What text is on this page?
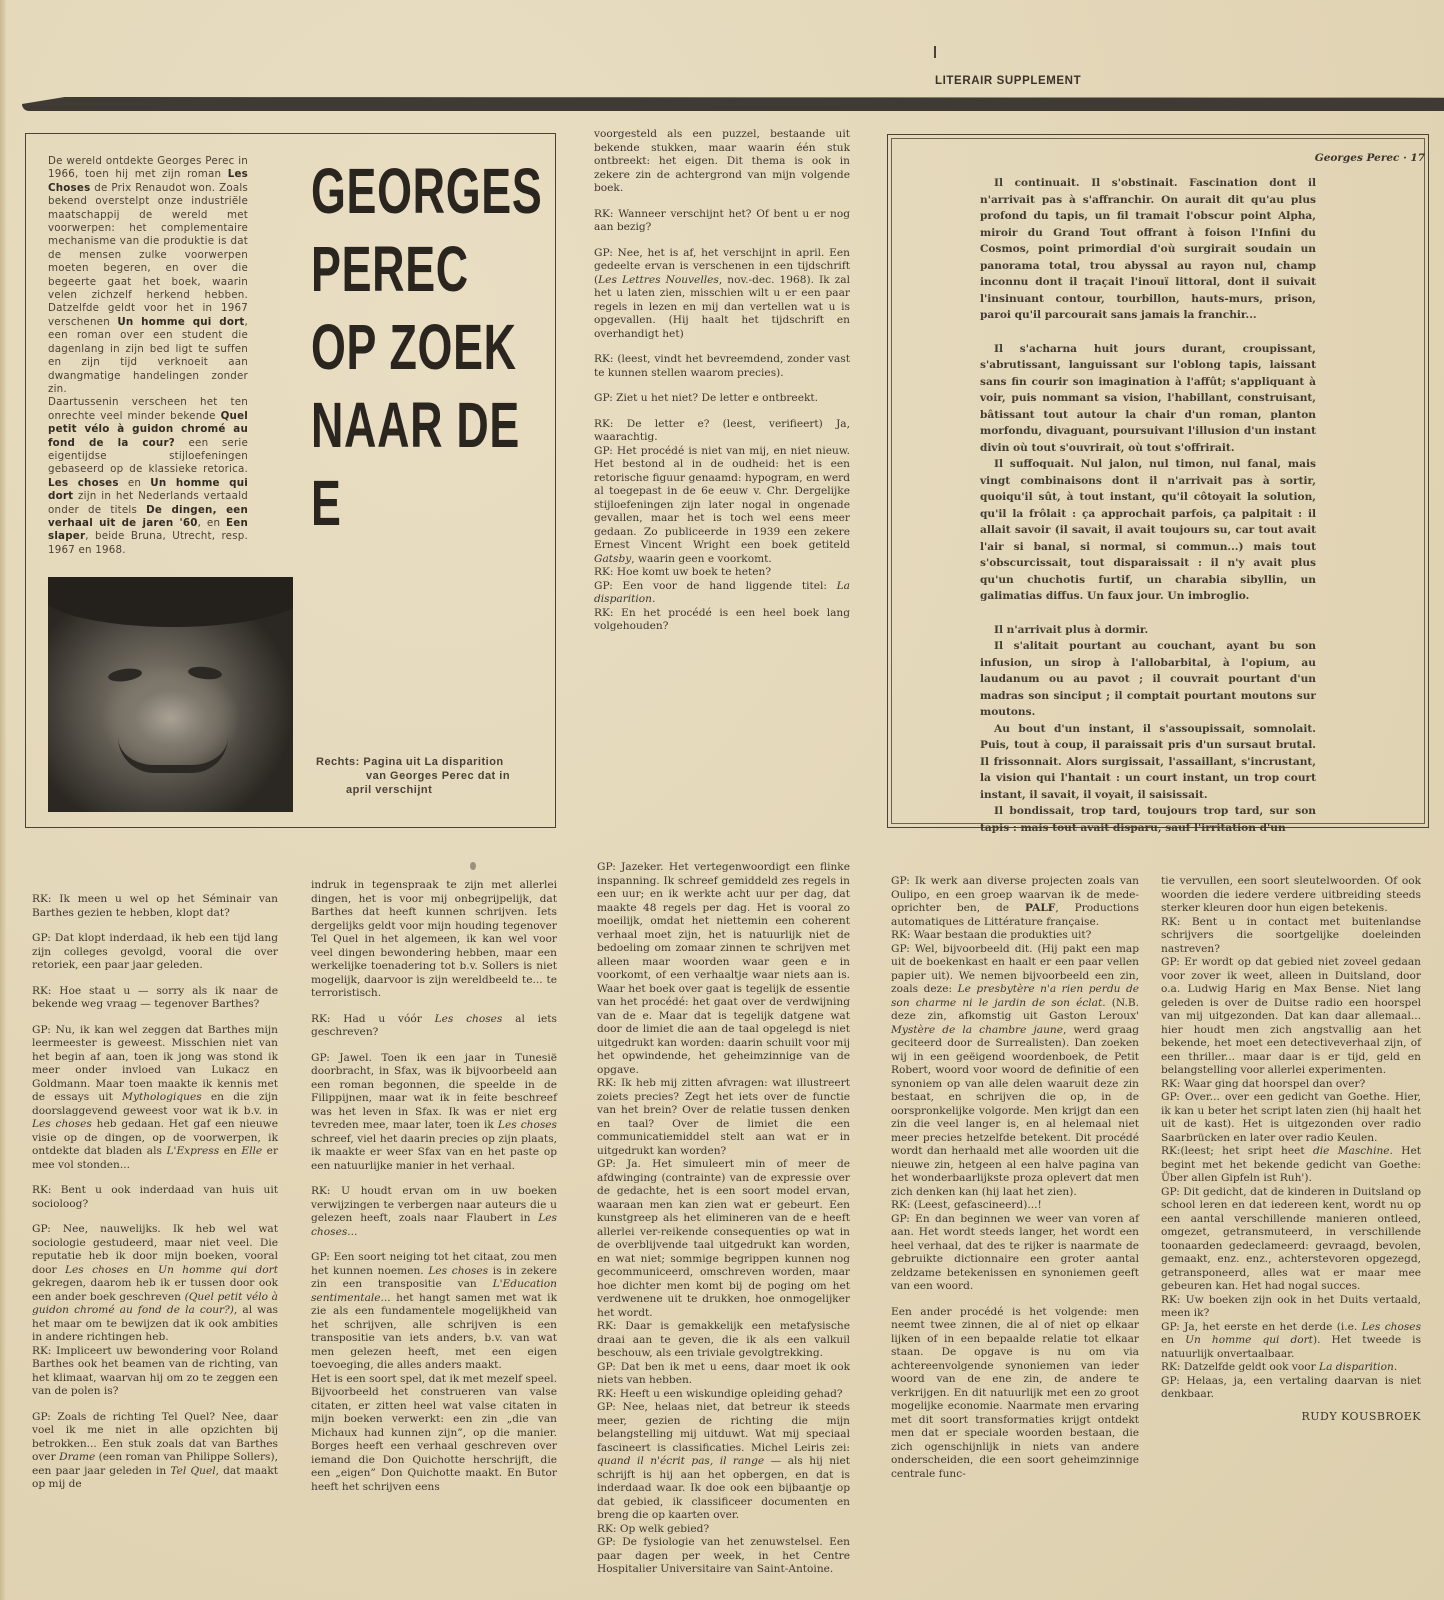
LITERAIR SUPPLEMENT

De wereld ontdekte Georges Perec in 1966, toen hij met zijn roman Les Choses de Prix Renaudot won. Zoals bekend overstelpt onze industriële maatschappij de wereld met voorwerpen: het complementaire mechanisme van die produktie is dat de mensen zulke voorwerpen moeten begeren, en over die begeerte gaat het boek, waarin velen zichzelf herkend hebben. Datzelfde geldt voor het in 1967 verschenen Un homme qui dort, een roman over een student die dagenlang in zijn bed ligt te suffen en zijn tijd verknoeit aan dwangmatige handelingen zonder zin.

Daartussenin verscheen het ten onrechte veel minder bekende Quel petit vélo à guidon chromé au fond de la cour? een serie eigentijdse stijloefeningen gebaseerd op de klassieke retorica. Les choses en Un homme qui dort zijn in het Nederlands vertaald onder de titels De dingen, een verhaal uit de jaren '60, en Een slaper, beide Bruna, Utrecht, resp. 1967 en 1968.

GEORGES
PEREC
OP ZOEK
NAAR DE
E
Rechts: Pagina uit La disparition
van Georges Perec dat in
april verschijnt

voorgesteld als een puzzel, bestaande uit bekende stukken, maar waarin één stuk ontbreekt: het eigen. Dit thema is ook in zekere zin de achtergrond van mijn volgende boek.

RK: Wanneer verschijnt het? Of bent u er nog aan bezig?

GP: Nee, het is af, het verschijnt in april. Een gedeelte ervan is verschenen in een tijdschrift (Les Lettres Nouvelles, nov.-dec. 1968). Ik zal het u laten zien, misschien wilt u er een paar regels in lezen en mij dan vertellen wat u is opgevallen. (Hij haalt het tijdschrift en overhandigt het)

RK: (leest, vindt het bevreemdend, zonder vast te kunnen stellen waarom precies).

GP: Ziet u het niet? De letter e ontbreekt.

RK: De letter e? (leest, verifieert) Ja, waarachtig.

GP: Het procédé is niet van mij, en niet nieuw. Het bestond al in de oudheid: het is een retorische figuur genaamd: hypogram, en werd al toegepast in de 6e eeuw v. Chr. Dergelijke stijloefeningen zijn later nogal in ongenade gevallen, maar het is toch wel eens meer gedaan. Zo publiceerde in 1939 een zekere Ernest Vincent Wright een boek getiteld Gatsby, waarin geen e voorkomt.

RK: Hoe komt uw boek te heten?

GP: Een voor de hand liggende titel: La disparition.

RK: En het procédé is een heel boek lang volgehouden?

Georges Perec · 17

Il continuait. Il s'obstinait. Fascination dont il n'arrivait pas à s'affranchir. On aurait dit qu'au plus profond du tapis, un fil tramait l'obscur point Alpha, miroir du Grand Tout offrant à foison l'Infini du Cosmos, point primordial d'où surgirait soudain un panorama total, trou abyssal au rayon nul, champ inconnu dont il traçait l'inouï littoral, dont il suivait l'insinuant contour, tourbillon, hauts-murs, prison, paroi qu'il parcourait sans jamais la franchir...

Il s'acharna huit jours durant, croupissant, s'abrutissant, languissant sur l'oblong tapis, laissant sans fin courir son imagination à l'affût; s'appliquant à voir, puis nommant sa vision, l'habillant, construisant, bâtissant tout autour la chair d'un roman, planton morfondu, divaguant, poursuivant l'illusion d'un instant divin où tout s'ouvrirait, où tout s'offrirait.

Il suffoquait. Nul jalon, nul timon, nul fanal, mais vingt combinaisons dont il n'arrivait pas à sortir, quoiqu'il sût, à tout instant, qu'il côtoyait la solution, qu'il la frôlait : ça approchait parfois, ça palpitait : il allait savoir (il savait, il avait toujours su, car tout avait l'air si banal, si normal, si commun...) mais tout s'obscurcissait, tout disparaissait : il n'y avait plus qu'un chuchotis furtif, un charabia sibyllin, un galimatias diffus. Un faux jour. Un imbroglio.

Il n'arrivait plus à dormir.

Il s'alitait pourtant au couchant, ayant bu son infusion, un sirop à l'allobarbital, à l'opium, au laudanum ou au pavot ; il couvrait pourtant d'un madras son sinciput ; il comptait pourtant moutons sur moutons.

Au bout d'un instant, il s'assoupissait, somnolait. Puis, tout à coup, il paraissait pris d'un sursaut brutal. Il frissonnait. Alors surgissait, l'assaillant, s'incrustant, la vision qui l'hantait : un court instant, un trop court instant, il savait, il voyait, il saisissait.

Il bondissait, trop tard, toujours trop tard, sur son tapis : mais tout avait disparu, sauf l'irritation d'un

RK: Ik meen u wel op het Séminair van Barthes gezien te hebben, klopt dat?

GP: Dat klopt inderdaad, ik heb een tijd lang zijn colleges gevolgd, vooral die over retoriek, een paar jaar geleden.

RK: Hoe staat u — sorry als ik naar de bekende weg vraag — tegenover Barthes?

GP: Nu, ik kan wel zeggen dat Barthes mijn leermeester is geweest. Misschien niet van het begin af aan, toen ik jong was stond ik meer onder invloed van Lukacz en Goldmann. Maar toen maakte ik kennis met de essays uit Mythologiques en die zijn doorslaggevend geweest voor wat ik b.v. in Les choses heb gedaan. Het gaf een nieuwe visie op de dingen, op de voorwerpen, ik ontdekte dat bladen als L'Express en Elle er mee vol stonden...

RK: Bent u ook inderdaad van huis uit socioloog?

GP: Nee, nauwelijks. Ik heb wel wat sociologie gestudeerd, maar niet veel. Die reputatie heb ik door mijn boeken, vooral door Les choses en Un homme qui dort gekregen, daarom heb ik er tussen door ook een ander boek geschreven (Quel petit vélo à guidon chromé au fond de la cour?), al was het maar om te bewijzen dat ik ook ambities in andere richtingen heb.

RK: Impliceert uw bewondering voor Roland Barthes ook het beamen van de richting, van het klimaat, waarvan hij om zo te zeggen een van de polen is?

GP: Zoals de richting Tel Quel? Nee, daar voel ik me niet in alle opzichten bij betrokken... Een stuk zoals dat van Barthes over Drame (een roman van Philippe Sollers), een paar jaar geleden in Tel Quel, dat maakt op mij de

indruk in tegenspraak te zijn met allerlei dingen, het is voor mij onbegrijpelijk, dat Barthes dat heeft kunnen schrijven. Iets dergelijks geldt voor mijn houding tegenover Tel Quel in het algemeen, ik kan wel voor veel dingen bewondering hebben, maar een werkelijke toenadering tot b.v. Sollers is niet mogelijk, daarvoor is zijn wereldbeeld te... te terroristisch.

RK: Had u vóór Les choses al iets geschreven?

GP: Jawel. Toen ik een jaar in Tunesië doorbracht, in Sfax, was ik bijvoorbeeld aan een roman begonnen, die speelde in de Filippijnen, maar wat ik in feite beschreef was het leven in Sfax. Ik was er niet erg tevreden mee, maar later, toen ik Les choses schreef, viel het daarin precies op zijn plaats, ik maakte er weer Sfax van en het paste op een natuurlijke manier in het verhaal.

RK: U houdt ervan om in uw boeken verwijzingen te verbergen naar auteurs die u gelezen heeft, zoals naar Flaubert in Les choses...

GP: Een soort neiging tot het citaat, zou men het kunnen noemen. Les choses is in zekere zin een transpositie van L'Education sentimentale... het hangt samen met wat ik zie als een fundamentele mogelijkheid van het schrijven, alle schrijven is een transpositie van iets anders, b.v. van wat men gelezen heeft, met een eigen toevoeging, die alles anders maakt.

Het is een soort spel, dat ik met mezelf speel. Bijvoorbeeld het construeren van valse citaten, er zitten heel wat valse citaten in mijn boeken verwerkt: een zin „die van Michaux had kunnen zijn”, op die manier. Borges heeft een verhaal geschreven over iemand die Don Quichotte herschrijft, die een „eigen” Don Quichotte maakt. En Butor heeft het schrijven eens

GP: Jazeker. Het vertegenwoordigt een flinke inspanning. Ik schreef gemiddeld zes regels in een uur; en ik werkte acht uur per dag, dat maakte 48 regels per dag. Het is vooral zo moeilijk, omdat het niettemin een coherent verhaal moet zijn, het is natuurlijk niet de bedoeling om zomaar zinnen te schrijven met alleen maar woorden waar geen e in voorkomt, of een verhaaltje waar niets aan is. Waar het boek over gaat is tegelijk de essentie van het procédé: het gaat over de verdwijning van de e. Maar dat is tegelijk datgene wat door de limiet die aan de taal opgelegd is niet uitgedrukt kan worden: daarin schuilt voor mij het opwindende, het geheimzinnige van de opgave.

RK: Ik heb mij zitten afvragen: wat illustreert zoiets precies? Zegt het iets over de functie van het brein? Over de relatie tussen denken en taal? Over de limiet die een communicatiemiddel stelt aan wat er in uitgedrukt kan worden?

GP: Ja. Het simuleert min of meer de afdwinging (contrainte) van de expressie over de gedachte, het is een soort model ervan, waaraan men kan zien wat er gebeurt. Een kunstgreep als het elimineren van de e heeft allerlei ver-reikende consequenties op wat in de overblijvende taal uitgedrukt kan worden, en wat niet; sommige begrippen kunnen nog gecommuniceerd, omschreven worden, maar hoe dichter men komt bij de poging om het verdwenene uit te drukken, hoe onmogelijker het wordt.

RK: Daar is gemakkelijk een metafysische draai aan te geven, die ik als een valkuil beschouw, als een triviale gevolgtrekking.

GP: Dat ben ik met u eens, daar moet ik ook niets van hebben.

RK: Heeft u een wiskundige opleiding gehad?

GP: Nee, helaas niet, dat betreur ik steeds meer, gezien de richting die mijn belangstelling mij uitduwt. Wat mij speciaal fascineert is classificaties. Michel Leiris zei: quand il n'écrit pas, il range — als hij niet schrijft is hij aan het opbergen, en dat is inderdaad waar. Ik doe ook een bijbaantje op dat gebied, ik classificeer documenten en breng die op kaarten over.

RK: Op welk gebied?

GP: De fysiologie van het zenuwstelsel. Een paar dagen per week, in het Centre Hospitalier Universitaire van Saint-Antoine.

GP: Ik werk aan diverse projecten zoals van Oulipo, en een groep waarvan ik de mede-oprichter ben, de PALF, Productions automatiques de Littérature française.

RK: Waar bestaan die produkties uit?

GP: Wel, bijvoorbeeld dit. (Hij pakt een map uit de boekenkast en haalt er een paar vellen papier uit). We nemen bijvoorbeeld een zin, zoals deze: Le presbytère n'a rien perdu de son charme ni le jardin de son éclat. (N.B. deze zin, afkomstig uit Gaston Leroux' Mystère de la chambre jaune, werd graag geciteerd door de Surrealisten). Dan zoeken wij in een geëigend woordenboek, de Petit Robert, woord voor woord de definitie of een synoniem op van alle delen waaruit deze zin bestaat, en schrijven die op, in de oorspronkelijke volgorde. Men krijgt dan een zin die veel langer is, en al helemaal niet meer precies hetzelfde betekent. Dit procédé wordt dan herhaald met alle woorden uit die nieuwe zin, hetgeen al een halve pagina van het wonderbaarlijkste proza oplevert dat men zich denken kan (hij laat het zien).

RK: (Leest, gefascineerd)...!

GP: En dan beginnen we weer van voren af aan. Het wordt steeds langer, het wordt een heel verhaal, dat des te rijker is naarmate de gebruikte dictionnaire een groter aantal zeldzame betekenissen en synoniemen geeft van een woord.

Een ander procédé is het volgende: men neemt twee zinnen, die al of niet op elkaar lijken of in een bepaalde relatie tot elkaar staan. De opgave is nu om via achtereenvolgende synoniemen van ieder woord van de ene zin, de andere te verkrijgen. En dit natuurlijk met een zo groot mogelijke economie. Naarmate men ervaring met dit soort transformaties krijgt ontdekt men dat er speciale woorden bestaan, die zich ogenschijnlijk in niets van andere onderscheiden, die een soort geheimzinnige centrale func-

tie vervullen, een soort sleutelwoorden. Of ook woorden die iedere verdere uitbreiding steeds sterker kleuren door hun eigen betekenis.

RK: Bent u in contact met buitenlandse schrijvers die soortgelijke doeleinden nastreven?

GP: Er wordt op dat gebied niet zoveel gedaan voor zover ik weet, alleen in Duitsland, door o.a. Ludwig Harig en Max Bense. Niet lang geleden is over de Duitse radio een hoorspel van mij uitgezonden. Dat kan daar allemaal... hier houdt men zich angstvallig aan het bekende, het moet een detectiveverhaal zijn, of een thriller... maar daar is er tijd, geld en belangstelling voor allerlei experimenten.

RK: Waar ging dat hoorspel dan over?

GP: Over... over een gedicht van Goethe. Hier, ik kan u beter het script laten zien (hij haalt het uit de kast). Het is uitgezonden over radio Saarbrücken en later over radio Keulen.

RK:(leest; het sript heet die Maschine. Het begint met het bekende gedicht van Goethe: Über allen Gipfeln ist Ruh').

GP: Dit gedicht, dat de kinderen in Duitsland op school leren en dat iedereen kent, wordt nu op een aantal verschillende manieren ontleed, omgezet, getransmuteerd, in verschillende toonaarden gedeclameerd: gevraagd, bevolen, gemaakt, enz. enz., achterstevoren opgezegd, getransponeerd, alles wat er maar mee gebeuren kan. Het had nogal succes.

RK: Uw boeken zijn ook in het Duits vertaald, meen ik?

GP: Ja, het eerste en het derde (i.e. Les choses en Un homme qui dort). Het tweede is natuurlijk onvertaalbaar.

RK: Datzelfde geldt ook voor La disparition.

GP: Helaas, ja, een vertaling daarvan is niet denkbaar.

RUDY KOUSBROEK
